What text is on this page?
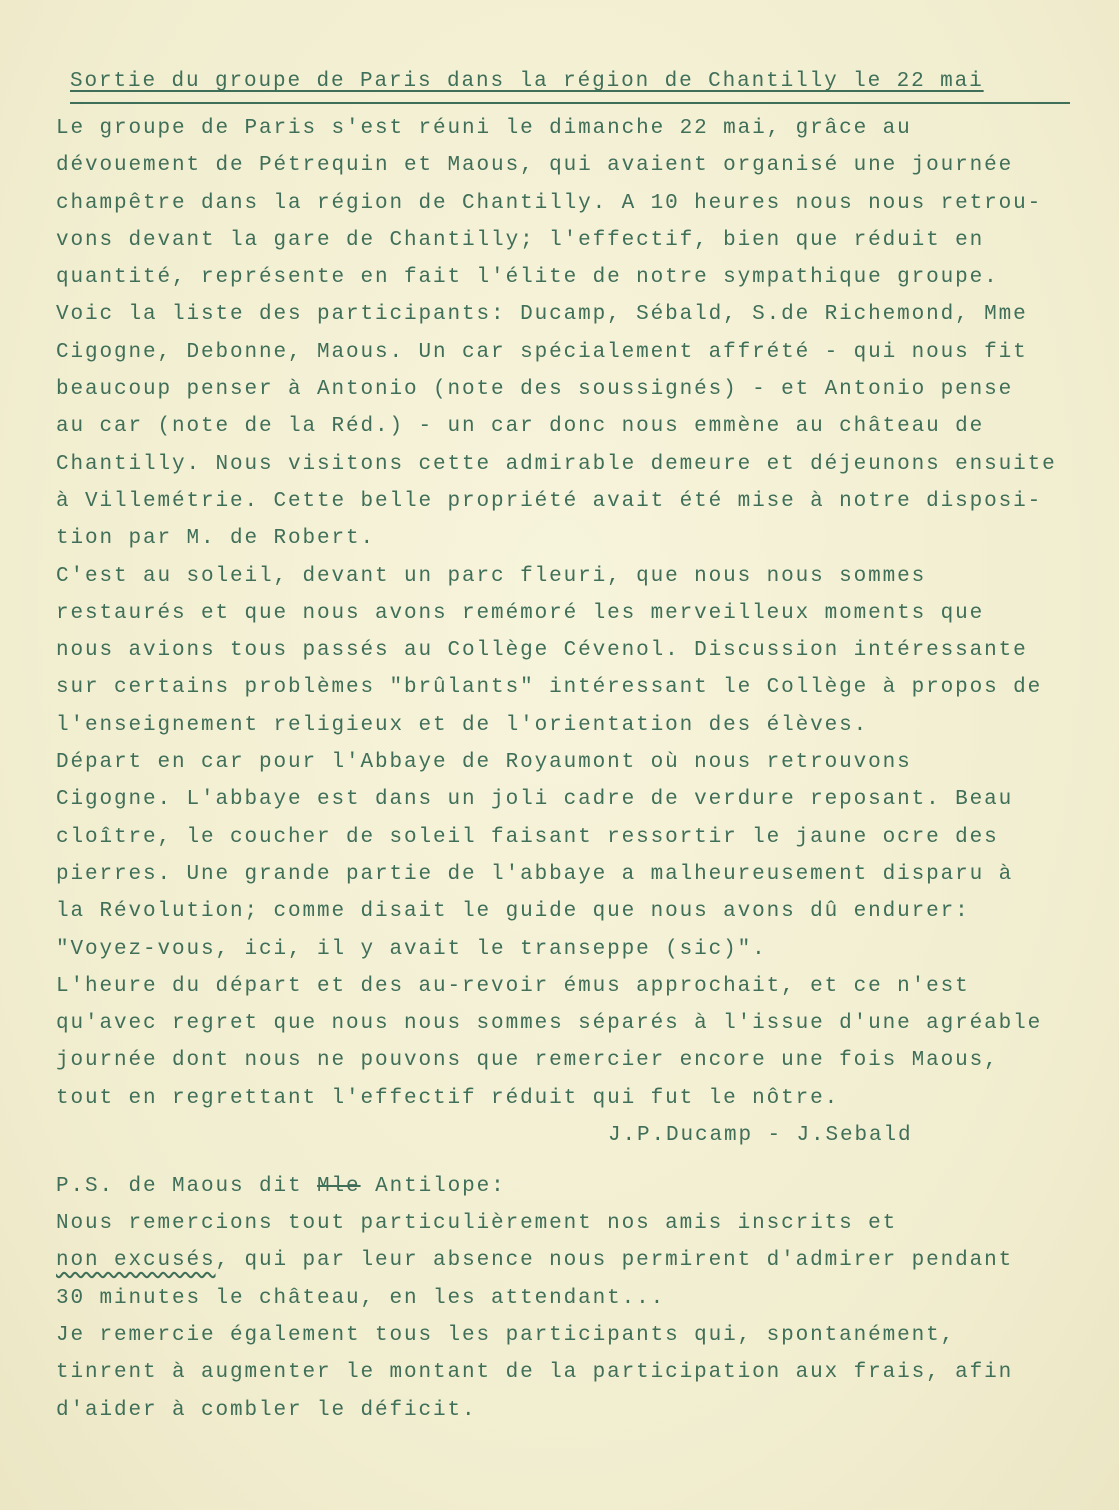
Sortie du groupe de Paris dans la région de Chantilly le 22 mai

Le groupe de Paris s'est réuni le dimanche 22 mai, grâce au
dévouement de Pétrequin et Maous, qui avaient organisé une journée
champêtre dans la région de Chantilly. A 10 heures nous nous retrou-
vons devant la gare de Chantilly; l'effectif, bien que réduit en
quantité, représente en fait l'élite de notre sympathique groupe.
Voic la liste des participants: Ducamp, Sébald, S.de Richemond, Mme
Cigogne, Debonne, Maous. Un car spécialement affrété - qui nous fit
beaucoup penser à Antonio (note des soussignés) - et Antonio pense
au car (note de la Réd.) - un car donc nous emmène au château de
Chantilly. Nous visitons cette admirable demeure et déjeunons ensuite
à Villemétrie. Cette belle propriété avait été mise à notre disposi-
tion par M. de Robert.

C'est au soleil, devant un parc fleuri, que nous nous sommes
restaurés et que nous avons remémoré les merveilleux moments que
nous avions tous passés au Collège Cévenol. Discussion intéressante
sur certains problèmes "brûlants" intéressant le Collège à propos de
l'enseignement religieux et de l'orientation des élèves.

Départ en car pour l'Abbaye de Royaumont où nous retrouvons
Cigogne. L'abbaye est dans un joli cadre de verdure reposant. Beau
cloître, le coucher de soleil faisant ressortir le jaune ocre des
pierres. Une grande partie de l'abbaye a malheureusement disparu à
la Révolution; comme disait le guide que nous avons dû endurer:
"Voyez-vous, ici, il y avait le transeppe (sic)".

L'heure du départ et des au-revoir émus approchait, et ce n'est
qu'avec regret que nous nous sommes séparés à l'issue d'une agréable
journée dont nous ne pouvons que remercier encore une fois Maous,
tout en regrettant l'effectif réduit qui fut le nôtre.

J.P.Ducamp - J.Sebald

P.S. de Maous dit Mle Antilope:

Nous remercions tout particulièrement nos amis inscrits et
non excusés, qui par leur absence nous permirent d'admirer pendant
30 minutes le château, en les attendant...

Je remercie également tous les participants qui, spontanément,
tinrent à augmenter le montant de la participation aux frais, afin
d'aider à combler le déficit.
